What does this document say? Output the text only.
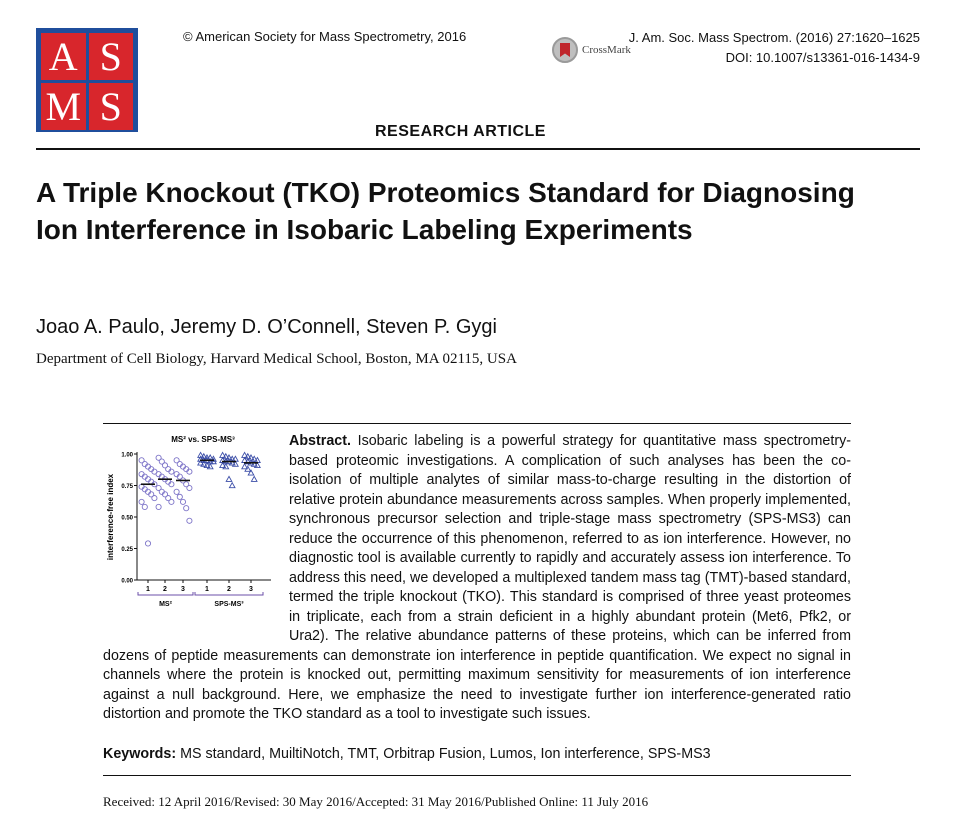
A S
M S
© American Society for Mass Spectrometry, 2016
CrossMark
J. Am. Soc. Mass Spectrom. (2016) 27:1620–1625
DOI: 10.1007/s13361-016-1434-9
RESEARCH ARTICLE
A Triple Knockout (TKO) Proteomics Standard for Diagnosing Ion Interference in Isobaric Labeling Experiments
Joao A. Paulo, Jeremy D. O’Connell, Steven P. Gygi
Department of Cell Biology, Harvard Medical School, Boston, MA 02115, USA

MS² vs. SPS-MS³
interference-free index
0.00
0.25
0.50
0.75
1.00
1 2 3	1	2	3
MS²	SPS-MS³
Abstract. Isobaric labeling is a powerful strategy for quantitative mass spectrometry-based proteomic investigations. A complication of such analyses has been the co-isolation of multiple analytes of similar mass-to-charge resulting in the distortion of relative protein abundance measurements across samples. When properly implemented, synchronous precursor selection and triple-stage mass spectrometry (SPS-MS3) can reduce the occurrence of this phenomenon, referred to as ion interference. However, no diagnostic tool is available currently to rapidly and accurately assess ion interference. To address this need, we developed a multiplexed tandem mass tag (TMT)-based standard, termed the triple knockout (TKO). This standard is comprised of three yeast proteomes in triplicate, each from a strain deficient in a highly abundant protein (Met6, Pfk2, or Ura2). The relative abundance patterns of these proteins, which can be inferred from dozens of peptide measurements can demonstrate ion interference in peptide quantification. We expect no signal in channels where the protein is knocked out, permitting maximum sensitivity for measurements of ion interference against a null background. Here, we emphasize the need to investigate further ion interference-generated ratio distortion and promote the TKO standard as a tool to investigate such issues.

Keywords: MS standard, MuiltiNotch, TMT, Orbitrap Fusion, Lumos, Ion interference, SPS-MS3
Received: 12 April 2016/Revised: 30 May 2016/Accepted: 31 May 2016/Published Online: 11 July 2016
